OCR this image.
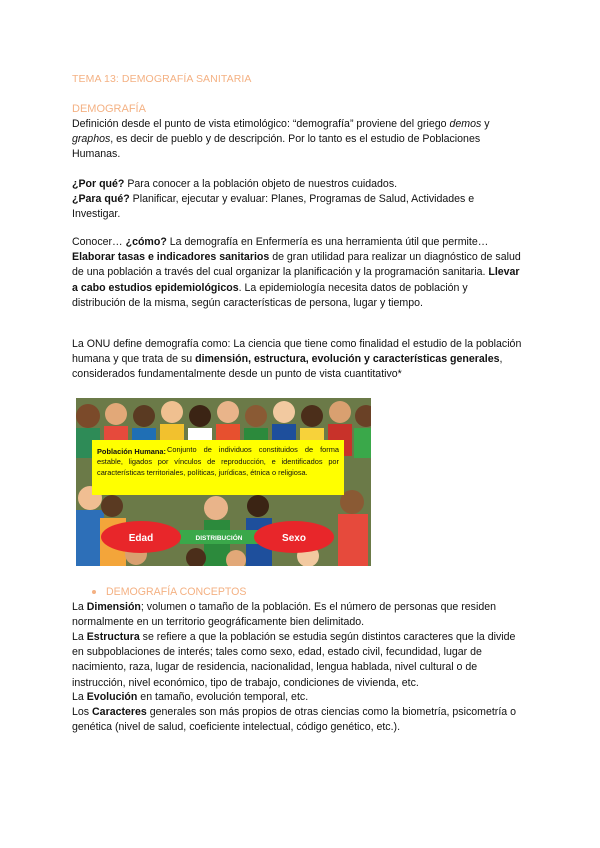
TEMA 13: DEMOGRAFÍA SANITARIA
DEMOGRAFÍA

Definición desde el punto de vista etimológico: “demografía” proviene del griego demos y graphos, es decir de pueblo y de descripción. Por lo tanto es el estudio de Poblaciones Humanas.

¿Por qué? Para conocer a la población objeto de nuestros cuidados.
¿Para qué? Planificar, ejecutar y evaluar: Planes, Programas de Salud, Actividades e Investigar.

Conocer… ¿cómo? La demografía en Enfermería es una herramienta útil que permite…Elaborar tasas e indicadores sanitarios de gran utilidad para realizar un diagnóstico de salud de una población a través del cual organizar la planificación y la programación sanitaria. Llevar a cabo estudios epidemiológicos. La epidemiología necesita datos de población y distribución de la misma, según características de persona, lugar y tiempo.

La ONU define demografía como: La ciencia que tiene como finalidad el estudio de la población humana y que trata de su dimensión, estructura, evolución y características generales, considerados fundamentalmente desde un punto de vista cuantitativo*

Población Humana: Conjunto de individuos constituidos de forma estable, ligados por vínculos de reproducción, e identificados por características territoriales, políticas, jurídicas, étnica o religiosa.
DISTRIBUCIÓN
Edad	Sexo
DEMOGRAFÍA CONCEPTOS

La Dimensión; volumen o tamaño de la población. Es el número de personas que residen normalmente en un territorio geográficamente bien delimitado.

La Estructura se refiere a que la población se estudia según distintos caracteres que la divide en subpoblaciones de interés; tales como sexo, edad, estado civil, fecundidad, lugar de nacimiento, raza, lugar de residencia, nacionalidad, lengua hablada, nivel cultural o de instrucción, nivel económico, tipo de trabajo, condiciones de vivienda, etc.

La Evolución en tamaño, evolución temporal, etc.

Los Caracteres generales son más propios de otras ciencias como la biometría, psicometría o genética (nivel de salud, coeficiente intelectual, código genético, etc.).
